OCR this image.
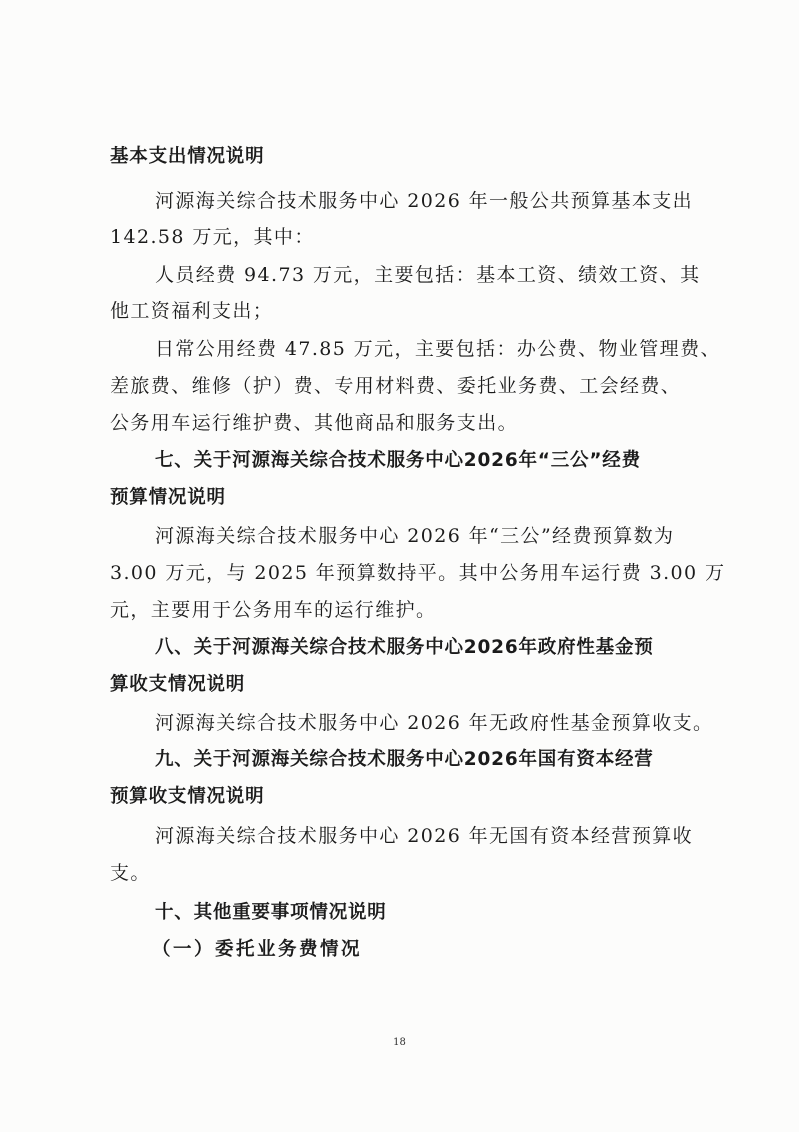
基本支出情况说明
河源海关综合技术服务中心 2026 年一般公共预算基本支出
142.58 万元，其中：
人员经费 94.73 万元，主要包括：基本工资、绩效工资、其
他工资福利支出；
日常公用经费 47.85 万元，主要包括：办公费、物业管理费、
差旅费、维修（护）费、专用材料费、委托业务费、工会经费、
公务用车运行维护费、其他商品和服务支出。
七、关于河源海关综合技术服务中心2026年“三公”经费
预算情况说明
河源海关综合技术服务中心 2026 年“三公”经费预算数为
3.00 万元，与 2025 年预算数持平。其中公务用车运行费 3.00 万
元，主要用于公务用车的运行维护。
八、关于河源海关综合技术服务中心2026年政府性基金预
算收支情况说明
河源海关综合技术服务中心 2026 年无政府性基金预算收支。
九、关于河源海关综合技术服务中心2026年国有资本经营
预算收支情况说明
河源海关综合技术服务中心 2026 年无国有资本经营预算收
支。
十、其他重要事项情况说明
（一）委托业务费情况
18
